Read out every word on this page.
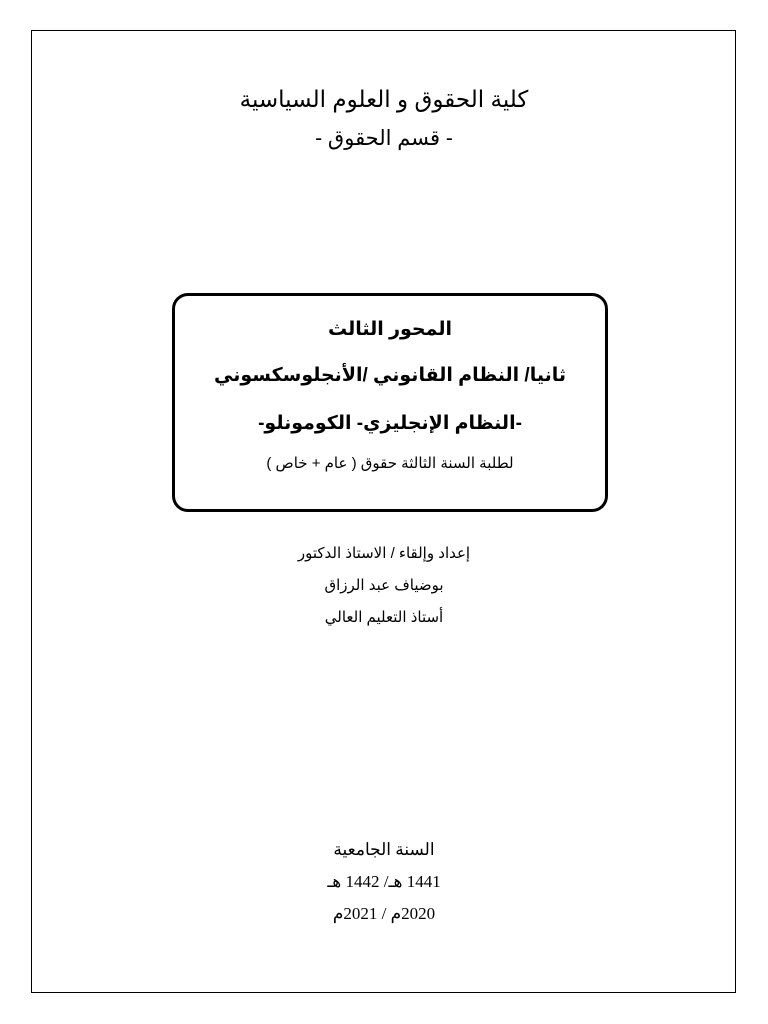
كلية الحقوق و العلوم السياسية
- قسم الحقوق -
المحور الثالث
ثانيا/ النظام القانوني /الأنجلوسكسوني
-النظام الإنجليزي- الكومونلو-
لطلبة السنة الثالثة حقوق ( عام + خاص )
إعداد وإلقاء / الاستاذ الدكتور
بوضياف عبد الرزاق
أستاذ التعليم العالي
السنة الجامعية
1441 هـ/ 1442 هـ
2020م / 2021م
